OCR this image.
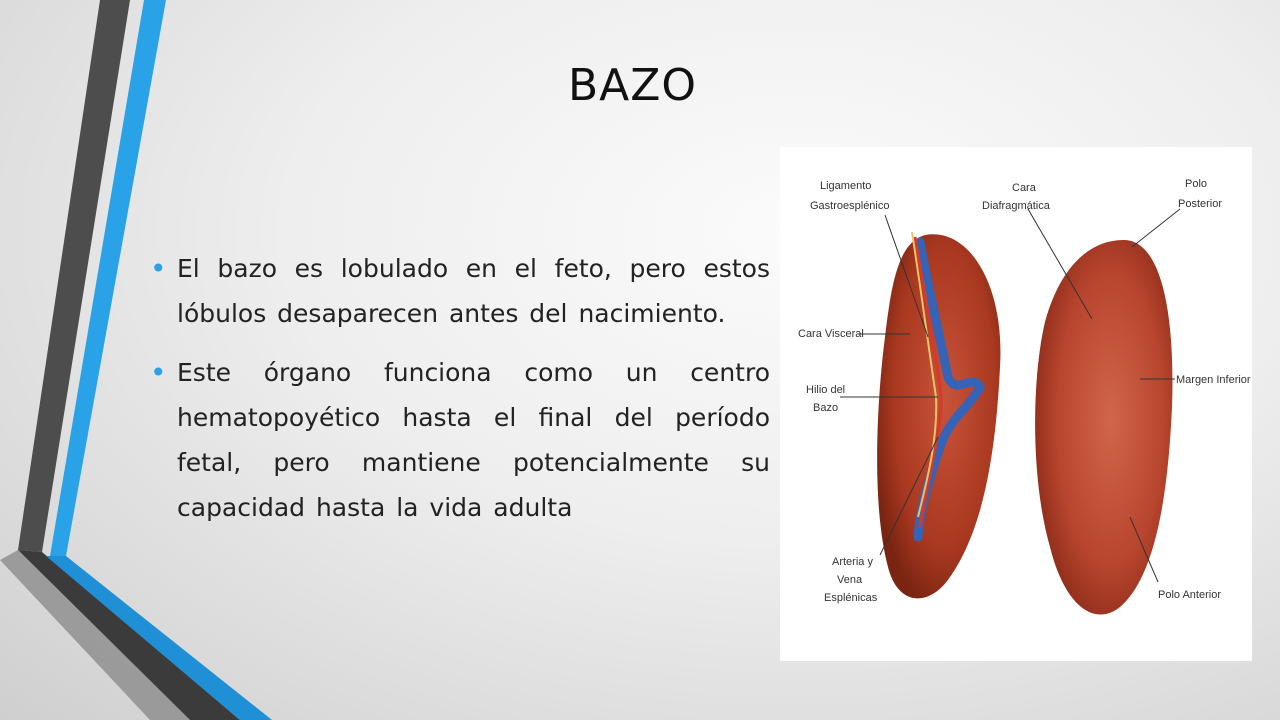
BAZO
• El bazo es lobulado en el feto, pero estos lóbulos desaparecen antes del nacimiento.
• Este órgano funciona como un centro hematopoyético hasta el final del período fetal, pero mantiene potencialmente su capacidad hasta la vida adulta
Ligamento
Gastroesplénico
Cara
Diafragmática
Polo
Posterior
Cara Visceral
Hilio del
Bazo
Margen Inferior
Arteria y
Vena
Esplénicas	Polo Anterior
